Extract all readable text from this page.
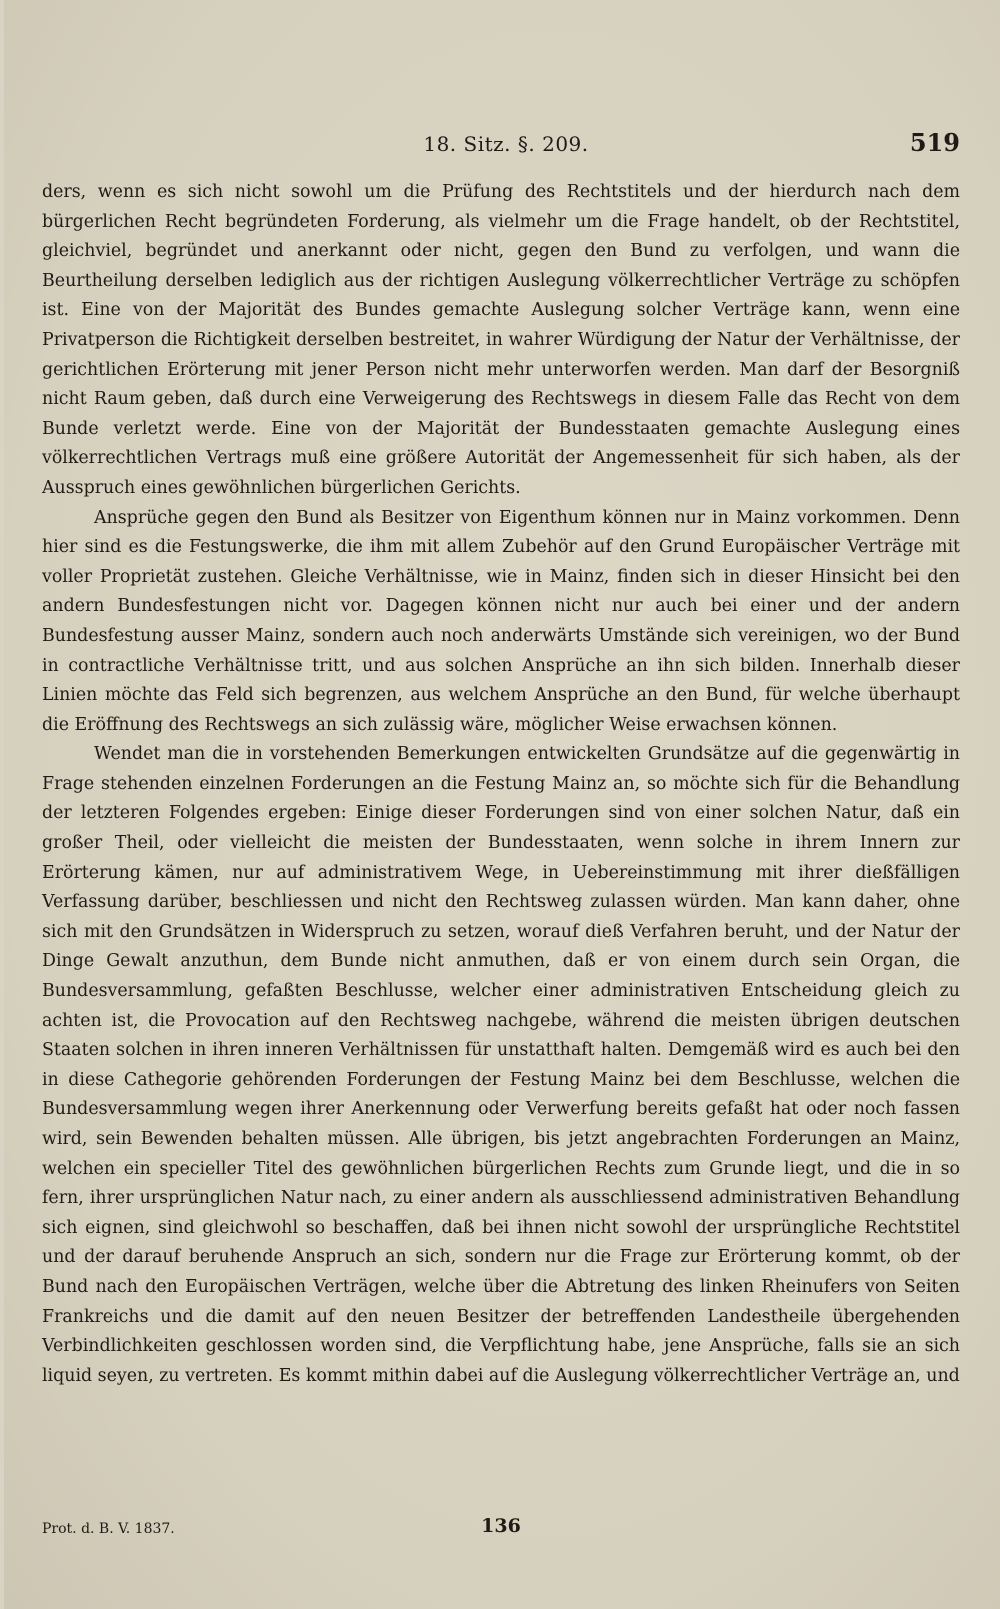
18. Sitz. §. 209.	519

ders, wenn es sich nicht sowohl um die Prüfung des Rechtstitels und der hierdurch nach dem bürgerlichen Recht begründeten Forderung, als vielmehr um die Frage handelt, ob der Rechtstitel, gleichviel, begründet und anerkannt oder nicht, gegen den Bund zu verfolgen, und wann die Beurtheilung derselben lediglich aus der richtigen Auslegung völkerrechtlicher Verträge zu schöpfen ist. Eine von der Majorität des Bundes gemachte Auslegung solcher Verträge kann, wenn eine Privatperson die Richtigkeit derselben bestreitet, in wahrer Würdigung der Natur der Verhältnisse, der gerichtlichen Erörterung mit jener Person nicht mehr unterworfen werden. Man darf der Besorgniß nicht Raum geben, daß durch eine Verweigerung des Rechtswegs in diesem Falle das Recht von dem Bunde verletzt werde. Eine von der Majorität der Bundesstaaten gemachte Auslegung eines völkerrechtlichen Vertrags muß eine größere Autorität der Angemessenheit für sich haben, als der Ausspruch eines gewöhnlichen bürgerlichen Gerichts.

Ansprüche gegen den Bund als Besitzer von Eigenthum können nur in Mainz vorkommen. Denn hier sind es die Festungswerke, die ihm mit allem Zubehör auf den Grund Europäischer Verträge mit voller Proprietät zustehen. Gleiche Verhältnisse, wie in Mainz, finden sich in dieser Hinsicht bei den andern Bundesfestungen nicht vor. Dagegen können nicht nur auch bei einer und der andern Bundesfestung ausser Mainz, sondern auch noch anderwärts Umstände sich vereinigen, wo der Bund in contractliche Verhältnisse tritt, und aus solchen Ansprüche an ihn sich bilden. Innerhalb dieser Linien möchte das Feld sich begrenzen, aus welchem Ansprüche an den Bund, für welche überhaupt die Eröffnung des Rechtswegs an sich zulässig wäre, möglicher Weise erwachsen können.

Wendet man die in vorstehenden Bemerkungen entwickelten Grundsätze auf die gegenwärtig in Frage stehenden einzelnen Forderungen an die Festung Mainz an, so möchte sich für die Behandlung der letzteren Folgendes ergeben: Einige dieser Forderungen sind von einer solchen Natur, daß ein großer Theil, oder vielleicht die meisten der Bundesstaaten, wenn solche in ihrem Innern zur Erörterung kämen, nur auf administrativem Wege, in Uebereinstimmung mit ihrer dießfälligen Verfassung darüber, beschliessen und nicht den Rechtsweg zulassen würden. Man kann daher, ohne sich mit den Grundsätzen in Widerspruch zu setzen, worauf dieß Verfahren beruht, und der Natur der Dinge Gewalt anzuthun, dem Bunde nicht anmuthen, daß er von einem durch sein Organ, die Bundesversammlung, gefaßten Beschlusse, welcher einer administrativen Entscheidung gleich zu achten ist, die Provocation auf den Rechtsweg nachgebe, während die meisten übrigen deutschen Staaten solchen in ihren inneren Verhältnissen für unstatthaft halten. Demgemäß wird es auch bei den in diese Cathegorie gehörenden Forderungen der Festung Mainz bei dem Beschlusse, welchen die Bundesversammlung wegen ihrer Anerkennung oder Verwerfung bereits gefaßt hat oder noch fassen wird, sein Bewenden behalten müssen. Alle übrigen, bis jetzt angebrachten Forderungen an Mainz, welchen ein specieller Titel des gewöhnlichen bürgerlichen Rechts zum Grunde liegt, und die in so fern, ihrer ursprünglichen Natur nach, zu einer andern als ausschliessend administrativen Behandlung sich eignen, sind gleichwohl so beschaffen, daß bei ihnen nicht sowohl der ursprüngliche Rechtstitel und der darauf beruhende Anspruch an sich, sondern nur die Frage zur Erörterung kommt, ob der Bund nach den Europäischen Verträgen, welche über die Abtretung des linken Rheinufers von Seiten Frankreichs und die damit auf den neuen Besitzer der betreffenden Landestheile übergehenden Verbindlichkeiten geschlossen worden sind, die Verpflichtung habe, jene Ansprüche, falls sie an sich liquid seyen, zu vertreten. Es kommt mithin dabei auf die Auslegung völkerrechtlicher Verträge an, und

Prot. d. B. V. 1837.	136
